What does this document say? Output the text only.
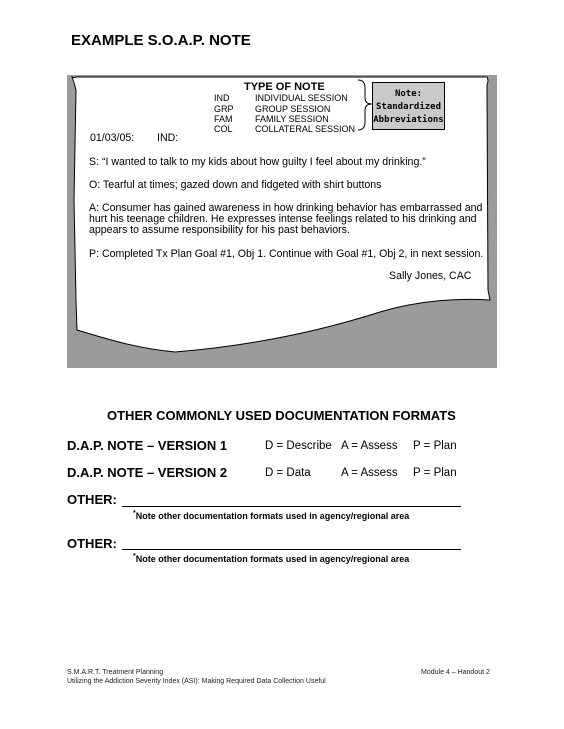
EXAMPLE S.O.A.P. NOTE
TYPE OF NOTE
IND	INDIVIDUAL SESSION
GRP GROUP SESSION
FAM FAMILY SESSION
COL COLLATERAL SESSION
Note:
Standardized
Abbreviations
01/03/05: IND:
S: “I wanted to talk to my kids about how guilty I feel about my drinking.”
O: Tearful at times; gazed down and fidgeted with shirt buttons
A: Consumer has gained awareness in how drinking behavior has embarrassed and
hurt his teenage children. He expresses intense feelings related to his drinking and
appears to assume responsibility for his past behaviors.
P: Completed Tx Plan Goal #1, Obj 1. Continue with Goal #1, Obj 2, in next session.
Sally Jones, CAC
OTHER COMMONLY USED DOCUMENTATION FORMATS
D.A.P. NOTE – VERSION 1	D = Describe A = Assess P = Plan
D.A.P. NOTE – VERSION 2	D = Data	A = Assess P = Plan
OTHER:
*Note other documentation formats used in agency/regional area
OTHER:
*Note other documentation formats used in agency/regional area
S.M.A.R.T. Treatment Planning
Utilizing the Addiction Severity Index (ASI): Making Required Data Collection Useful
Module 4 – Handout 2
